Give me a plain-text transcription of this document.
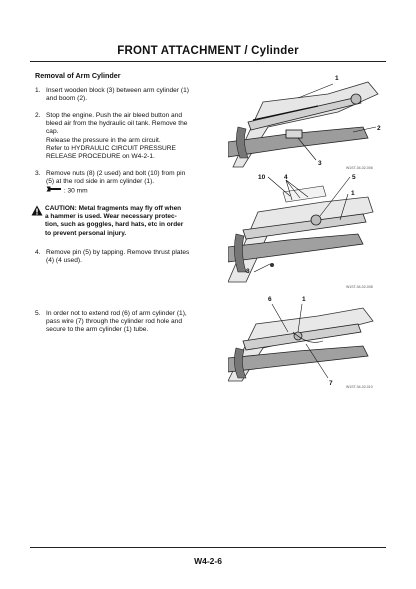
FRONT ATTACHMENT / Cylinder
Removal of Arm Cylinder
1. Insert wooden block (3) between arm cylinder (1)

and boom (2).

2. Stop the engine. Push the air bleed button and

bleed air from the hydraulic oil tank. Remove the

cap.

Release the pressure in the arm circuit.

Refer to HYDRAULIC CIRCUIT PRESSURE

RELEASE PROCEDURE on W4-2-1.

3. Remove nuts (8) (2 used) and bolt (10) from pin

(5) at the rod side in arm cylinder (1).

: 30 mm

CAUTION: Metal fragments may fly off when
a hammer is used. Wear necessary protec-
tion, such as goggles, hard hats, etc in order
to prevent personal injury.
4. Remove pin (5) by tapping. Remove thrust plates

(4) (4 used).

5. In order not to extend rod (6) of arm cylinder (1),

pass wire (7) through the cylinder rod hole and

secure to the arm cylinder (1) tube.

1
2
3
W1ST-04-02-006
10	4	5
1
8
W1ST-04-02-008
6	1
7	W1ST-04-02-010
W4-2-6
